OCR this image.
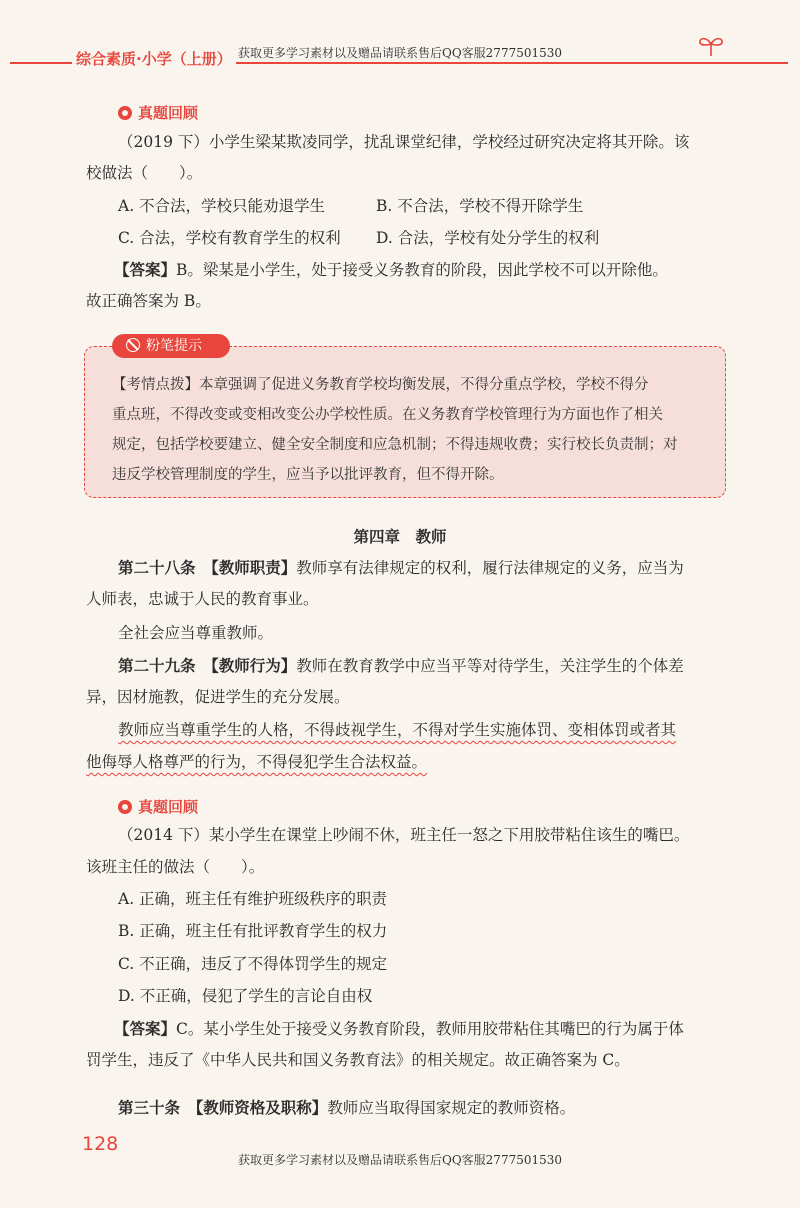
综合素质·小学（上册） 获取更多学习素材以及赠品请联系售后QQ客服2777501530
真题回顾
（2019 下）小学生梁某欺凌同学，扰乱课堂纪律，学校经过研究决定将其开除。该
校做法（　　）。
A. 不合法，学校只能劝退学生	B. 不合法，学校不得开除学生
C. 合法，学校有教育学生的权利 D. 合法，学校有处分学生的权利
【答案】B。梁某是小学生，处于接受义务教育的阶段，因此学校不可以开除他。
故正确答案为 B。
粉笔提示
【考情点拨】本章强调了促进义务教育学校均衡发展，不得分重点学校，学校不得分
重点班，不得改变或变相改变公办学校性质。在义务教育学校管理行为方面也作了相关
规定，包括学校要建立、健全安全制度和应急机制；不得违规收费；实行校长负责制；对
违反学校管理制度的学生，应当予以批评教育，但不得开除。
第四章　教师
第二十八条　【教师职责】教师享有法律规定的权利，履行法律规定的义务，应当为
人师表，忠诚于人民的教育事业。
全社会应当尊重教师。
第二十九条　【教师行为】教师在教育教学中应当平等对待学生，关注学生的个体差
异，因材施教，促进学生的充分发展。
教师应当尊重学生的人格，不得歧视学生，不得对学生实施体罚、变相体罚或者其
他侮辱人格尊严的行为，不得侵犯学生合法权益。
真题回顾
（2014 下）某小学生在课堂上吵闹不休，班主任一怒之下用胶带粘住该生的嘴巴。
该班主任的做法（　　）。
A. 正确，班主任有维护班级秩序的职责
B. 正确，班主任有批评教育学生的权力
C. 不正确，违反了不得体罚学生的规定
D. 不正确，侵犯了学生的言论自由权
【答案】C。某小学生处于接受义务教育阶段，教师用胶带粘住其嘴巴的行为属于体
罚学生，违反了《中华人民共和国义务教育法》的相关规定。故正确答案为 C。
第三十条　【教师资格及职称】教师应当取得国家规定的教师资格。
128
获取更多学习素材以及赠品请联系售后QQ客服2777501530
